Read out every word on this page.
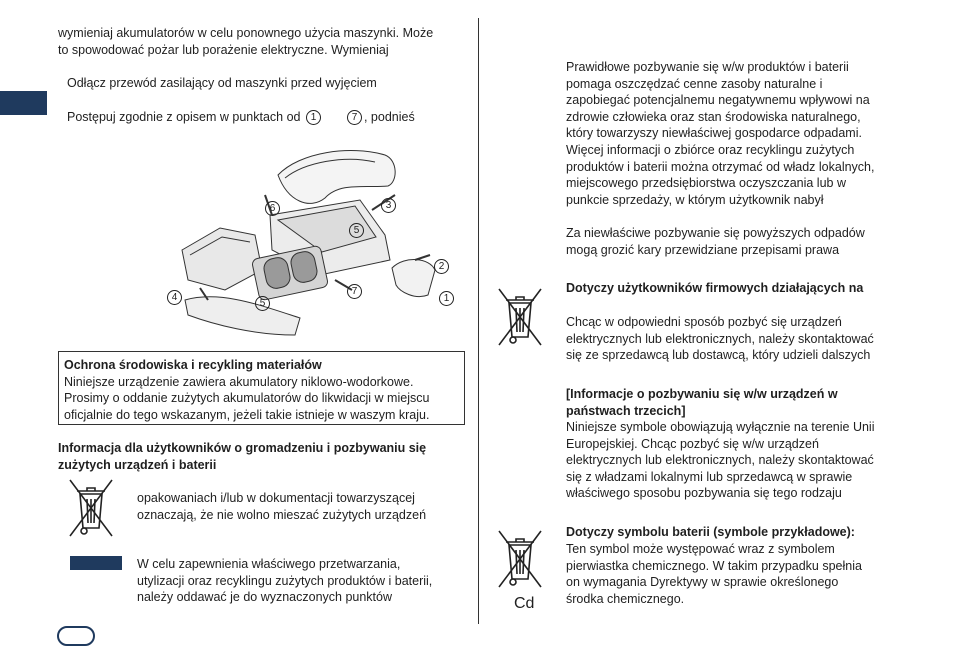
wymieniaj akumulatorów w celu ponownego użycia maszynki. Może
to spowodować pożar lub porażenie elektryczne. Wymieniaj
Odłącz przewód zasilający od maszynki przed wyjęciem
Postępuj zgodnie z opisem w punktach od 1	7 , podnieś
6	3
5
2
4
5
7
1
Ochrona środowiska i recykling materiałów
Niniejsze urządzenie zawiera akumulatory niklowo-wodorkowe.
Prosimy o oddanie zużytych akumulatorów do likwidacji w miejscu
oficjalnie do tego wskazanym, jeżeli takie istnieje w waszym kraju.
Informacja dla użytkowników o gromadzeniu i pozbywaniu się
zużytych urządzeń i baterii
opakowaniach i/lub w dokumentacji towarzyszącej
oznaczają, że nie wolno mieszać zużytych urządzeń
W celu zapewnienia właściwego przetwarzania,
utylizacji oraz recyklingu zużytych produktów i baterii,
należy oddawać je do wyznaczonych punktów
Prawidłowe pozbywanie się w/w produktów i baterii
pomaga oszczędzać cenne zasoby naturalne i
zapobiegać potencjalnemu negatywnemu wpływowi na
zdrowie człowieka oraz stan środowiska naturalnego,
który towarzyszy niewłaściwej gospodarce odpadami.
Więcej informacji o zbiórce oraz recyklingu zużytych
produktów i baterii można otrzymać od władz lokalnych,
miejscowego przedsiębiorstwa oczyszczania lub w
punkcie sprzedaży, w którym użytkownik nabył
Za niewłaściwe pozbywanie się powyższych odpadów
mogą grozić kary przewidziane przepisami prawa
Dotyczy użytkowników firmowych działających na
Chcąc w odpowiedni sposób pozbyć się urządzeń
elektrycznych lub elektronicznych, należy skontaktować
się ze sprzedawcą lub dostawcą, który udzieli dalszych
[Informacje o pozbywaniu się w/w urządzeń w
państwach trzecich]
Niniejsze symbole obowiązują wyłącznie na terenie Unii
Europejskiej. Chcąc pozbyć się w/w urządzeń
elektrycznych lub elektronicznych, należy skontaktować
się z władzami lokalnymi lub sprzedawcą w sprawie
właściwego sposobu pozbywania się tego rodzaju
Cd
Dotyczy symbolu baterii (symbole przykładowe):
Ten symbol może występować wraz z symbolem
pierwiastka chemicznego. W takim przypadku spełnia
on wymagania Dyrektywy w sprawie określonego
środka chemicznego.
